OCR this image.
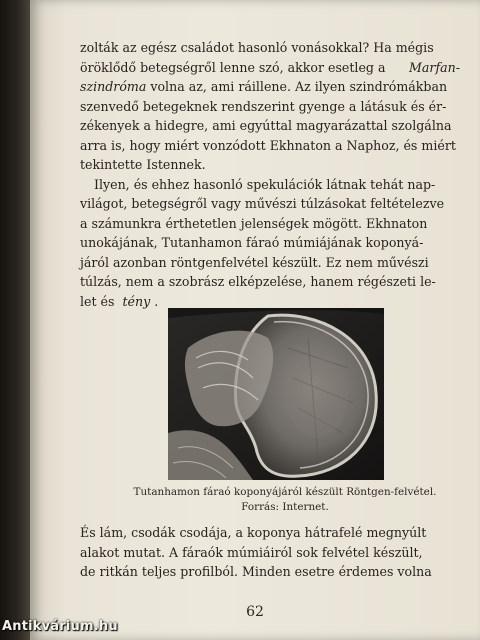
zolták az egész családot hasonló vonásokkal? Ha mégis
öröklődő betegségről lenne szó, akkor esetleg a Marfan-
szindróma volna az, ami ráillene. Az ilyen szindrómákban
szenvedő betegeknek rendszerint gyenge a látásuk és ér-
zékenyek a hidegre, ami egyúttal magyarázattal szolgálna
arra is, hogy miért vonzódott Ekhnaton a Naphoz, és miért
tekintette Istennek.
Ilyen, és ehhez hasonló spekulációk látnak tehát nap-
világot, betegségről vagy művészi túlzásokat feltételezve
a számunkra érthetetlen jelenségek mögött. Ekhnaton
unokájának, Tutanhamon fáraó múmiájának koponyá-
járól azonban röntgenfelvétel készült. Ez nem művészi
túlzás, nem a szobrász elképzelése, hanem régészeti le-
let és tény .
Tutanhamon fáraó koponyájáról készült Röntgen-felvétel.
Forrás: Internet.
És lám, csodák csodája, a koponya hátrafelé megnyúlt
alakot mutat. A fáraók múmiáiról sok felvétel készült,
de ritkán teljes profilból. Minden esetre érdemes volna
62
Antikvárium.hu
